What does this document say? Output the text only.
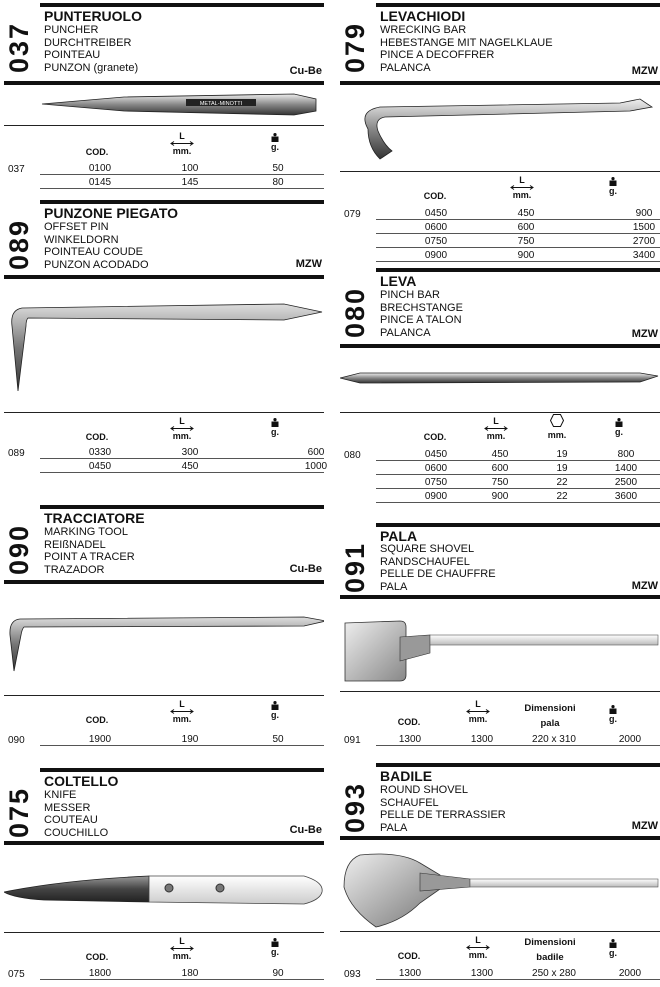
037
PUNTERUOLO
PUNCHER
DURCHTREIBER
POINTEAU
PUNZON (granete)	Cu-Be
METAL-MINOTTI
COD.
L
mm.	g.
037	0100	100	50
0145	145	80
089
PUNZONE PIEGATO
OFFSET PIN
WINKELDORN
POINTEAU COUDE
PUNZON ACODADO	MZW
COD.
L
mm.	g.
089	0330	300	600
0450	450	1000
090
TRACCIATORE
MARKING TOOL
REIßNADEL
POINT A TRACER
TRAZADOR	Cu-Be
COD.
L
mm.	g.
090	1900	190	50
075
COLTELLO
KNIFE
MESSER
COUTEAU
COUCHILLO	Cu-Be
COD.
L
mm.	g.
075	1800	180	90
079
LEVACHIODI
WRECKING BAR
HEBESTANGE MIT NAGELKLAUE
PINCE A DECOFFRER
PALANCA	MZW
COD.
L
mm.	g.
079	0450	450	900
0600	600	1500
0750	750	2700
0900	900	3400
080
LEVA
PINCH BAR
BRECHSTANGE
PINCE A TALON
PALANCA	MZW
COD.
L
mm.	mm.	g.
080	0450	450	19	800
0600	600	19	1400
0750	750	22	2500
0900	900	22	3600
091
PALA
SQUARE SHOVEL
RANDSCHAUFEL
PELLE DE CHAUFFRE
PALA	MZW
COD.
L
mm.
Dimensioni
pala	g.
091	1300	1300	220 x 310	2000
093
BADILE
ROUND SHOVEL
SCHAUFEL
PELLE DE TERRASSIER
PALA	MZW
COD.
L
mm.
Dimensioni
badile	g.
093	1300	1300	250 x 280	2000
